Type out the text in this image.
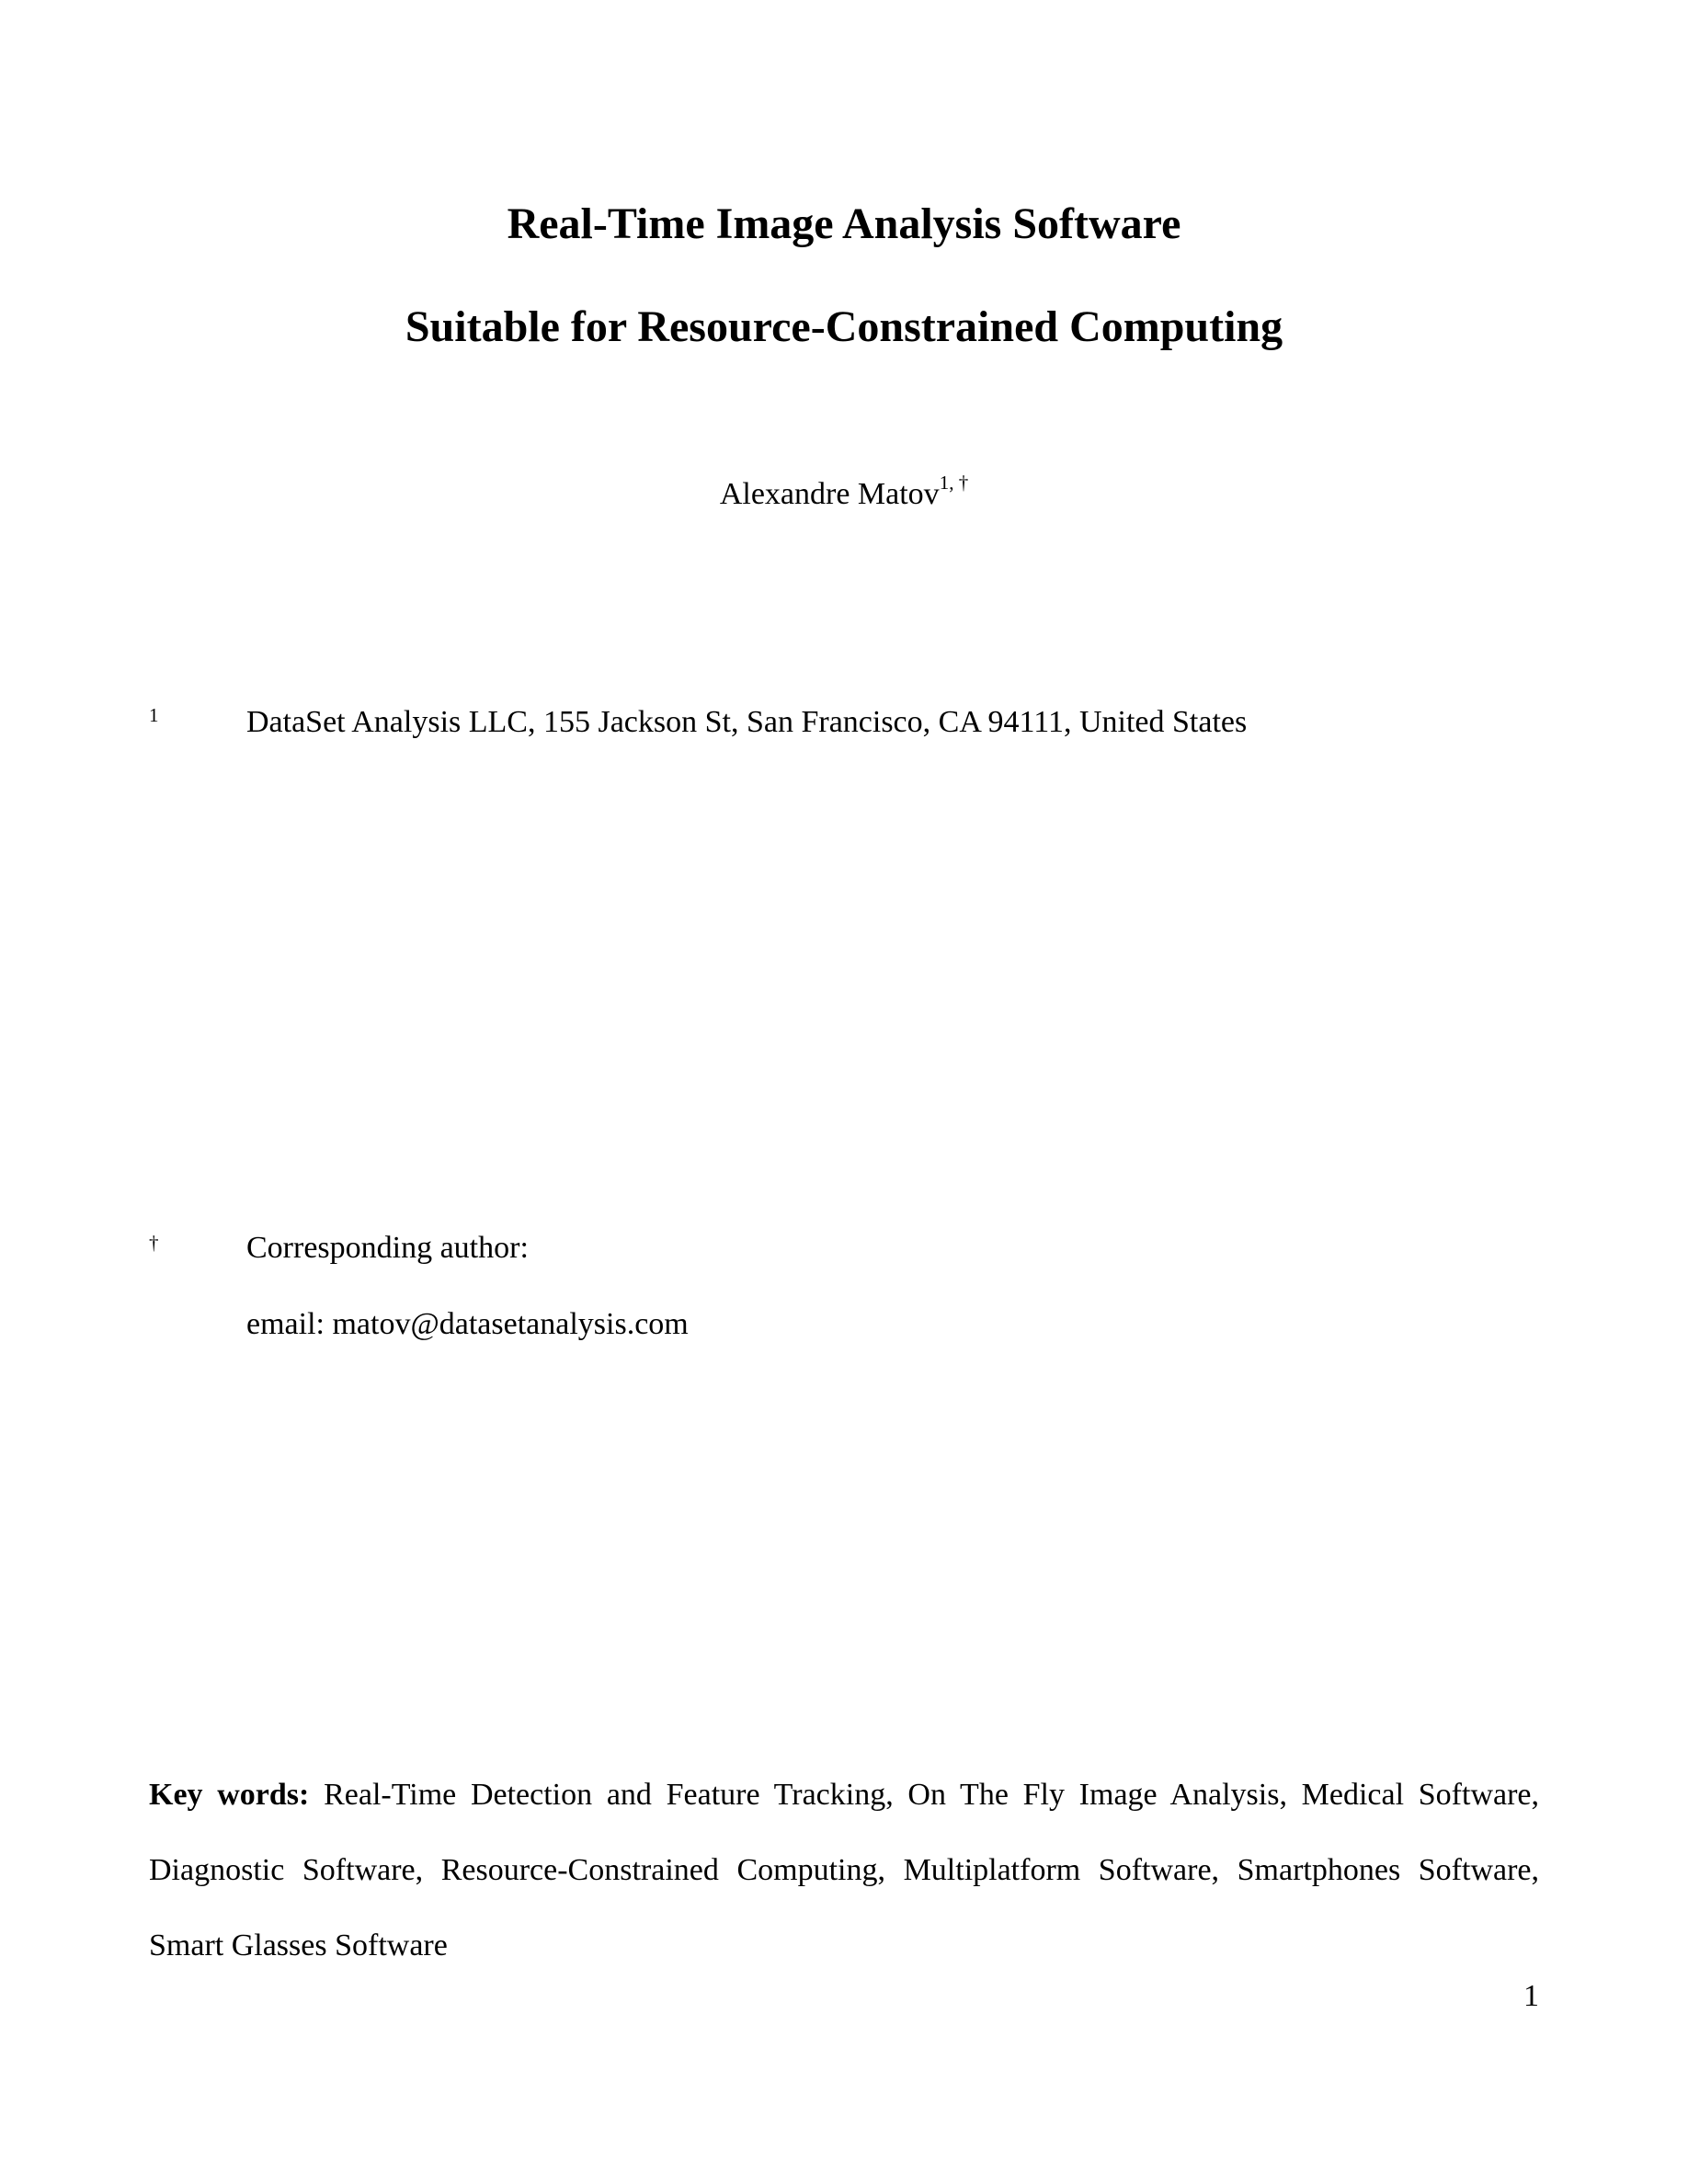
Real-Time Image Analysis Software
Suitable for Resource-Constrained Computing
Alexandre Matov$^{1, \dagger}$
1	DataSet Analysis LLC, 155 Jackson St, San Francisco, CA 94111, United States
†	Corresponding author:
email: matov@datasetanalysis.com
Key words: Real-Time Detection and Feature Tracking, On The Fly Image Analysis, Medical Software, Diagnostic Software, Resource-Constrained Computing, Multiplatform Software, Smartphones Software, Smart Glasses Software
1
